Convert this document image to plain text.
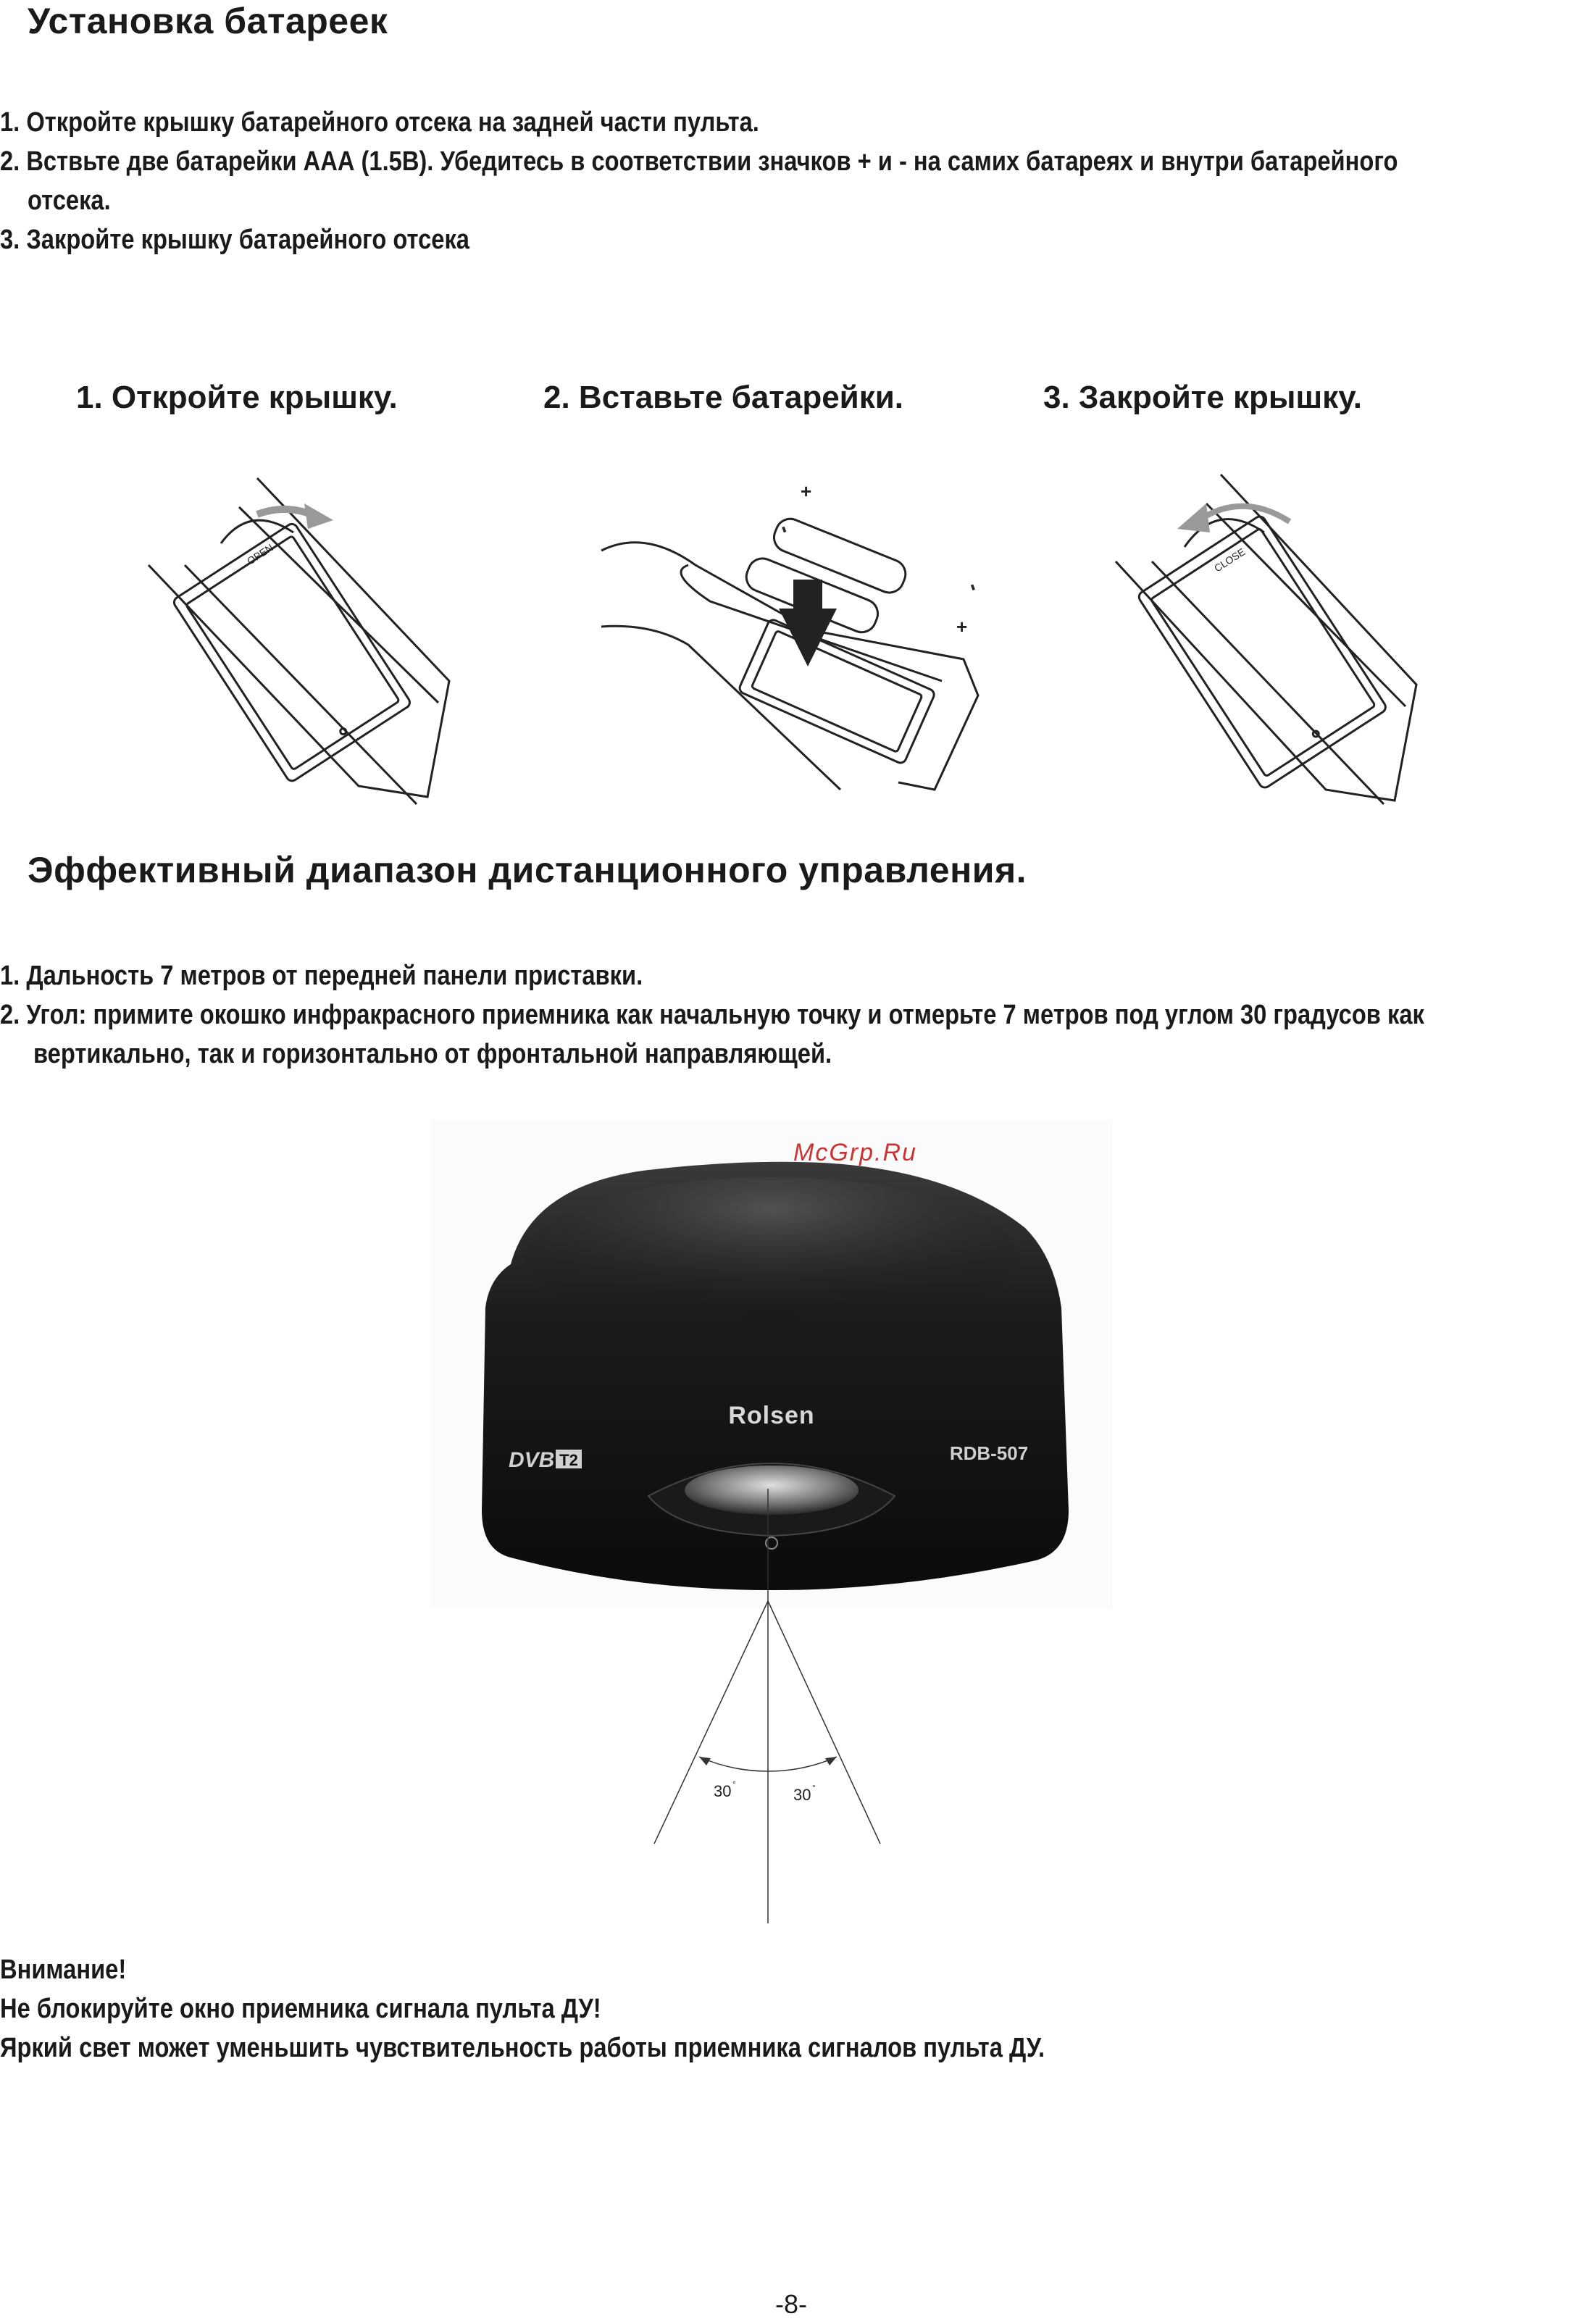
Установка батареек
1. Откройте крышку батарейного отсека на задней части пульта.
2. Вствьте две батарейки ААА (1.5В). Убедитесь в соответствии значков + и - на самих батареях и внутри батарейного
отсека.
3. Закройте крышку батарейного отсека
1. Откройте крышку.	2. Вставьте батарейки.	3. Закройте крышку.
OPEN
+
-
-
+
CLOSE
Эффективный диапазон дистанционного управления.
1. Дальность 7 метров от передней панели приставки.
2. Угол: примите окошко инфракрасного приемника как начальную точку и отмерьте 7 метров под углом 30 градусов как
вертикально, так и горизонтально от фронтальной направляющей.
Rolsen
RDB-507
DVB T2
McGrp.Ru
30 °
30 °
Внимание!
Не блокируйте окно приемника сигнала пульта ДУ!
Яркий свет может уменьшить чувствительность работы приемника сигналов пульта ДУ.
-8-
